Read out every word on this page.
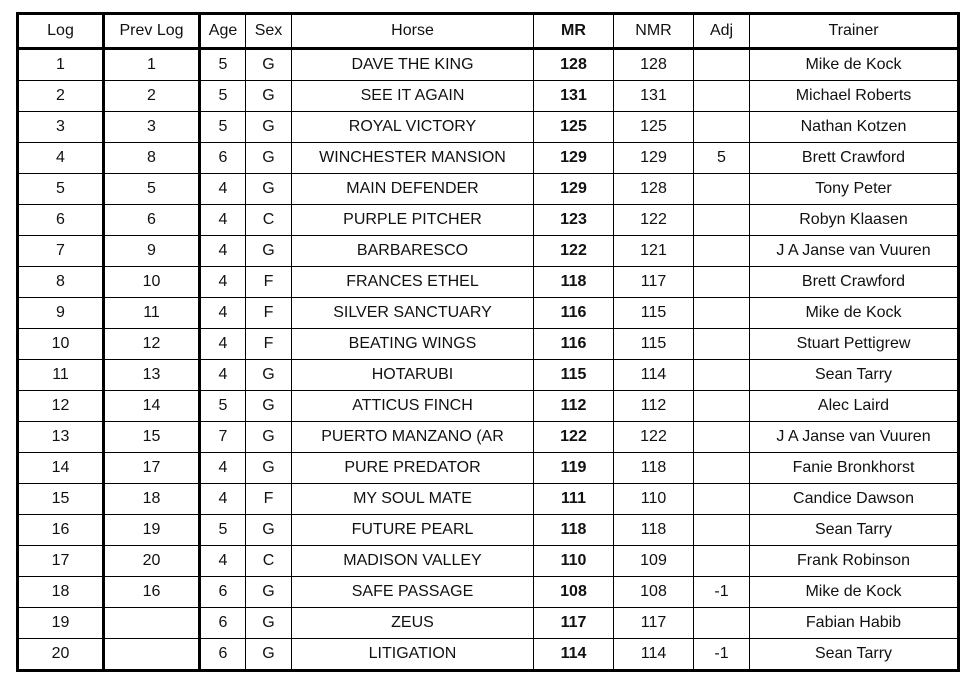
Log	Prev Log	Age	Sex	Horse	MR	NMR	Adj	Trainer
1	1	5	G	DAVE THE KING	128	128		Mike de Kock
2	2	5	G	SEE IT AGAIN	131	131		Michael Roberts
3	3	5	G	ROYAL VICTORY	125	125		Nathan Kotzen
4	8	6	G	WINCHESTER MANSION	129	129	5	Brett Crawford
5	5	4	G	MAIN DEFENDER	129	128		Tony Peter
6	6	4	C	PURPLE PITCHER	123	122		Robyn Klaasen
7	9	4	G	BARBARESCO	122	121		J A Janse van Vuuren
8	10	4	F	FRANCES ETHEL	118	117		Brett Crawford
9	11	4	F	SILVER SANCTUARY	116	115		Mike de Kock
10	12	4	F	BEATING WINGS	116	115		Stuart Pettigrew
11	13	4	G	HOTARUBI	115	114		Sean Tarry
12	14	5	G	ATTICUS FINCH	112	112		Alec Laird
13	15	7	G	PUERTO MANZANO (AR	122	122		J A Janse van Vuuren
14	17	4	G	PURE PREDATOR	119	118		Fanie Bronkhorst
15	18	4	F	MY SOUL MATE	111	110		Candice Dawson
16	19	5	G	FUTURE PEARL	118	118		Sean Tarry
17	20	4	C	MADISON VALLEY	110	109		Frank Robinson
18	16	6	G	SAFE PASSAGE	108	108	-1	Mike de Kock
19		6	G	ZEUS	117	117		Fabian Habib
20		6	G	LITIGATION	114	114	-1	Sean Tarry
